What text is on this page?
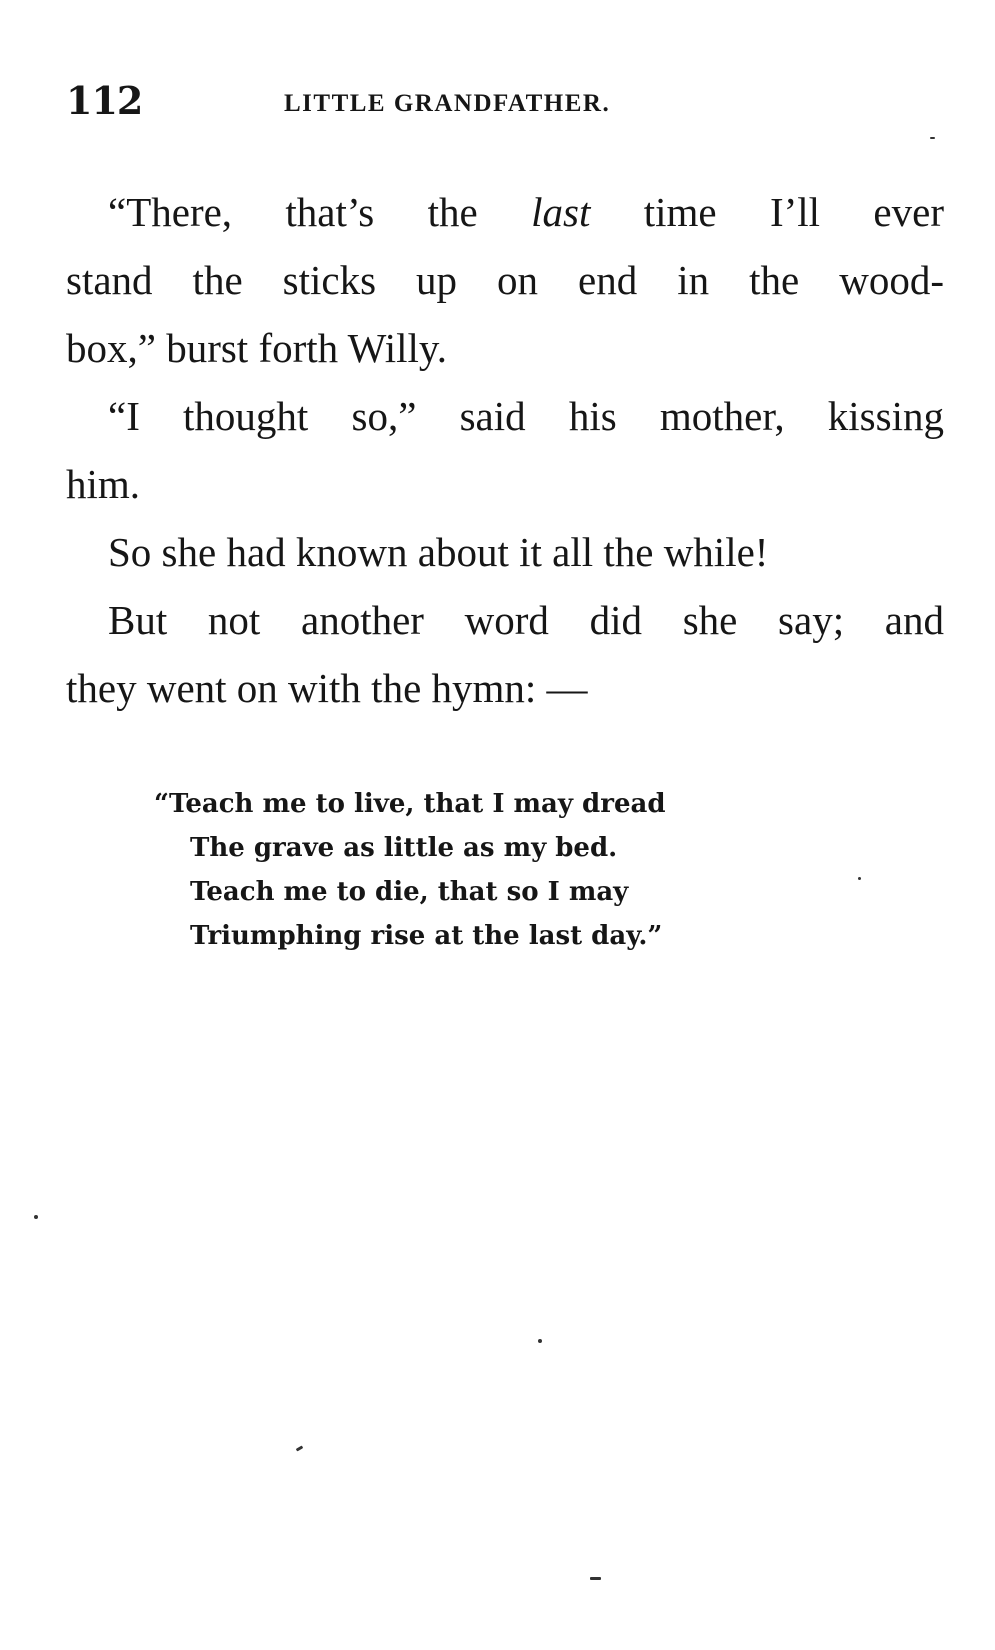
112	LITTLE GRANDFATHER.

“There, that’s the last time I’ll ever
stand the sticks up on end in the wood-
box,” burst forth Willy.

“I thought so,” said his mother, kissing
him.

So she had known about it all the while!

But not another word did she say; and
they went on with the hymn: —

“Teach me to live, that I may dread
The grave as little as my bed.
Teach me to die, that so I may
Triumphing rise at the last day.”
